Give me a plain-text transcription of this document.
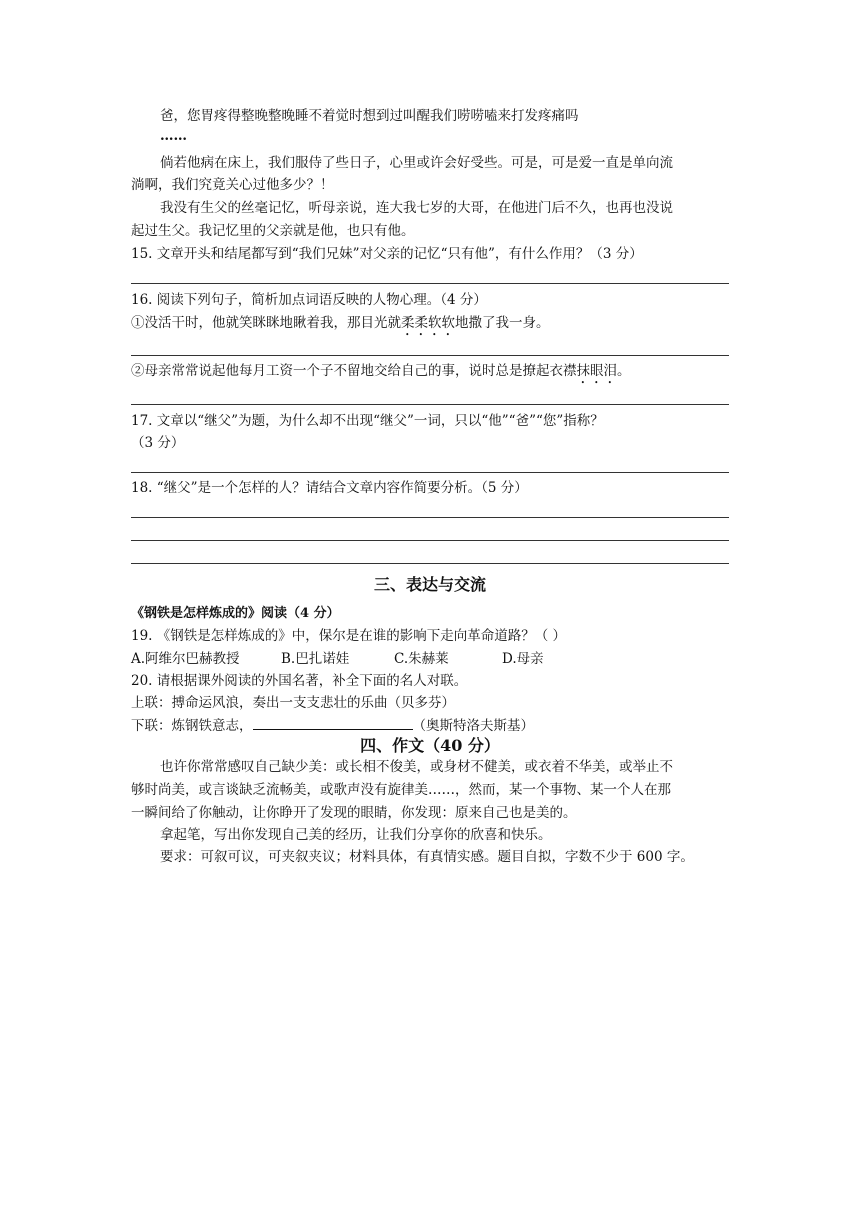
爸，您胃疼得整晚整晚睡不着觉时想到过叫醒我们唠唠嗑来打发疼痛吗
……
倘若他病在床上，我们服侍了些日子，心里或许会好受些。可是，可是爱一直是单向流
淌啊，我们究竟关心过他多少？！
我没有生父的丝毫记忆，听母亲说，连大我七岁的大哥，在他进门后不久，也再也没说
起过生父。我记忆里的父亲就是他，也只有他。
15. 文章开头和结尾都写到“我们兄妹”对父亲的记忆“只有他”，有什么作用？（3 分）
16. 阅读下列句子，简析加点词语反映的人物心理。（4 分）
①没活干时，他就笑眯眯地瞅着我，那目光就柔柔软软地撒了我一身。
②母亲常常说起他每月工资一个子不留地交给自己的事，说时总是撩起衣襟抹眼泪。
17. 文章以“继父”为题，为什么却不出现“继父”一词，只以“他”“爸”“您”指称？
（3 分）
18. “继父”是一个怎样的人？请结合文章内容作简要分析。（5 分）
三、表达与交流
《钢铁是怎样炼成的》阅读（4 分）
19. 《钢铁是怎样炼成的》中，保尔是在谁的影响下走向革命道路？（ ）
A.阿维尔巴赫教授	B.巴扎诺娃	C.朱赫莱	D.母亲
20. 请根据课外阅读的外国名著，补全下面的名人对联。
上联：搏命运风浪，奏出一支支悲壮的乐曲（贝多芬）
下联：炼钢铁意志，	（奥斯特洛夫斯基）
四、作文（40 分）
也许你常常感叹自己缺少美：或长相不俊美，或身材不健美，或衣着不华美，或举止不
够时尚美，或言谈缺乏流畅美，或歌声没有旋律美……，然而，某一个事物、某一个人在那
一瞬间给了你触动，让你睁开了发现的眼睛，你发现：原来自己也是美的。
拿起笔，写出你发现自己美的经历，让我们分享你的欣喜和快乐。
要求：可叙可议，可夹叙夹议；材料具体，有真情实感。题目自拟，字数不少于 600 字。
